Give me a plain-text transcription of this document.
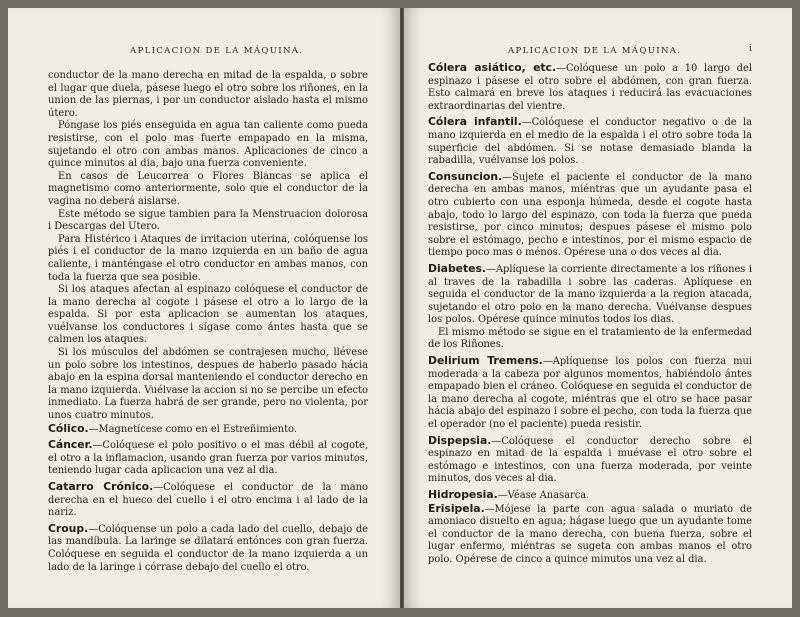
APLICACION DE LA MÁQUINA.

conductor de la mano derecha en mitad de la espalda, o sobre el lugar que duela, pásese luego el otro sobre los riñones, en la union de las piernas, i por un conductor aislado hasta el mismo útero.

Póngase los piés enseguida en agua tan caliente como pueda resistirse, con el polo mas fuerte empapado en la misma, sujetando el otro con ambas manos. Aplicaciones de cinco a quince minutos al dia, bajo una fuerza conveniente.

En casos de Leucorrea o Flores Blancas se aplica el magnetismo como anteriormente, solo que el conductor de la vagina no deberá aislarse.

Este método se sigue tambien para la Menstruacion dolorosa i Descargas del Utero.

Para Histérico i Ataques de irritacion uterina, colóquense los piés i el conductor de la mano izquierda en un baño de agua caliente, i manténgase el otro conductor en ambas manos, con toda la fuerza que sea posible.

Si los ataques afectan al espinazo colóquese el conductor de la mano derecha al cogote i pásese el otro a lo largo de la espalda. Si por esta aplicacion se aumentan los ataques, vuélvanse los conductores i sígase como ántes hasta que se calmen los ataques.

Si los músculos del abdómen se contrajesen mucho, llévese un polo sobre los intestinos, despues de haberlo pasado hácia abajo en la espina dorsal manteniendo el conductor derecho en la mano izquierda. Vuélvase la accion si no se percibe un efecto inmediato. La fuerza habrá de ser grande, pero no violenta, por unos cuatro minutos.

Cólico.—Magnetícese como en el Estreñimiento.

Cáncer.—Colóquese el polo positivo o el mas débil al cogote, el otro a la inflamacion, usando gran fuerza por varios minutos, teniendo lugar cada aplicacion una vez al dia.

Catarro Crónico.—Colóquese el conductor de la mano derecha en el hueco del cuello i el otro encima i al lado de la nariz.

Croup.—Colóquense un polo a cada lado del cuello, debajo de las mandíbula. La laringe se dilatará entónces con gran fuerza. Colóquese en seguida el conductor de la mano izquierda a un lado de la laringe i córrase debajo del cuello el otro.

APLICACION DE LA MÁQUINA.	i

Cólera asiático, etc.—Colóquese un polo a 10 largo del espinazo i pásese el otro sobre el abdómen, con gran fuerza. Esto calmará en breve los ataques i reducirá las evacuaciones extraordinarias del vientre.

Cólera infantil.—Colóquese el conductor negativo o de la mano izquierda en el medio de la espalda i el otro sobre toda la superficie del abdómen. Si se notase demasiado blanda la rabadilla, vuélvanse los polos.

Consuncion.—Sujete el paciente el conductor de la mano derecha en ambas manos, miéntras que un ayudante pasa el otro cubierto con una esponja húmeda, desde el cogote hasta abajo, todo lo largo del espinazo, con toda la fuerza que pueda resistirse, por cinco minutos; despues pásese el mismo polo sobre el estómago, pecho e intestinos, por el mismo espacio de tiempo poco mas o ménos. Opérese una o dos veces al dia.

Diabetes.—Aplíquese la corriente directamente a los riñones i al traves de la rabadilla i sobre las caderas. Aplíquese en seguida el conductor de la mano izquierda a la region atacada, sujetando el otro polo en la mano derecha. Vuélvanse despues los polos. Opérese quince minutos todos los dias.

El mismo método se sigue en el tratamiento de la enfermedad de los Riñones.

Delirium Tremens.—Aplíquense los polos con fuerza mui moderada a la cabeza por algunos momentos, habiéndolo ántes empapado bien el cráneo. Colóquese en seguida el conductor de la mano derecha al cogote, miéntras que el otro se hace pasar hácia abajo del espinazo i sobre el pecho, con toda la fuerza que el operador (no el paciente) pueda resistir.

Dispepsia.—Colóquese el conductor derecho sobre el espinazo en mitad de la espalda i muévase el otro sobre el estómago e intestinos, con una fuerza moderada, por veinte minutos, dos veces al dia.

Hidropesia.—Véase Anasarca.

Erisipela.—Mójese la parte con agua salada o muriato de amoniaco disuelto en agua; hágase luego que un ayudante tome el conductor de la mano derecha, con buena fuerza, sobre el lugar enfermo, miéntras se sugeta con ambas manos el otro polo. Opérese de cinco a quince minutos una vez al dia.
